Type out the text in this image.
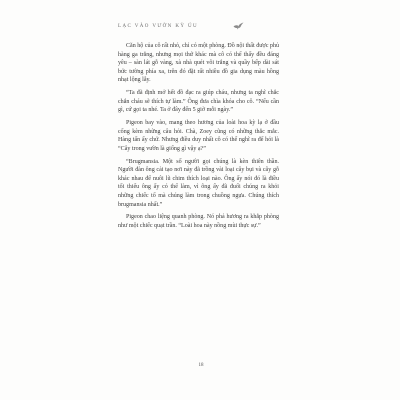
LẠC VÀO VƯỜN KỲ ÚU

Căn hộ của cô rất nhỏ, chỉ có một phòng. Đồ nội thất được phủ hàng ga trắng, nhưng mọi thứ khác mà cô có thể thấy đều đáng yêu – sàn lát gỗ vàng, xà nhà quét vôi trắng và quầy bếp dài sát bức tường phía xa, trên đó đặt rất nhiều đồ gia dụng màu hồng nhạt lộng lẫy.

“Ta đã định mở hết đồ đạc ra giúp cháu, nhưng ta nghĩ chắc chắn cháu sẽ thích tự làm.” Ông đưa chìa khóa cho cô. “Nếu cần gì, cứ gọi ta nhé. Ta ở đây đến 5 giờ mỗi ngày.”

Pigeon bay vào, mang theo hương của loài hoa kỳ lạ ở đầu cổng kèm những câu hỏi. Chà, Zoey cũng có những thắc mắc. Hàng tấn ấy chứ. Nhưng điều duy nhất cô có thể nghĩ ra để hỏi là “Cây trong vườn là giống gì vậy ạ?”

“Brugmansia. Một số người gọi chúng là kèn thiên thần. Người đàn ông cải tạo nơi này đã trồng vài loại cây bụi và cây gỗ khác nhau để nuôi lũ chim thích loại nào. Ông ấy nói đó là điều tối thiểu ông ấy có thể làm, vì ông ấy đã đuổi chúng ra khỏi những chiếc tổ mà chúng làm trong chuồng ngựa. Chúng thích brugmansia nhất.”

Pigeon chao liệng quanh phòng. Nó phả hương ra khắp phòng như một chiếc quạt trần. “Loài hoa này nồng mùi thực sự.”

18
